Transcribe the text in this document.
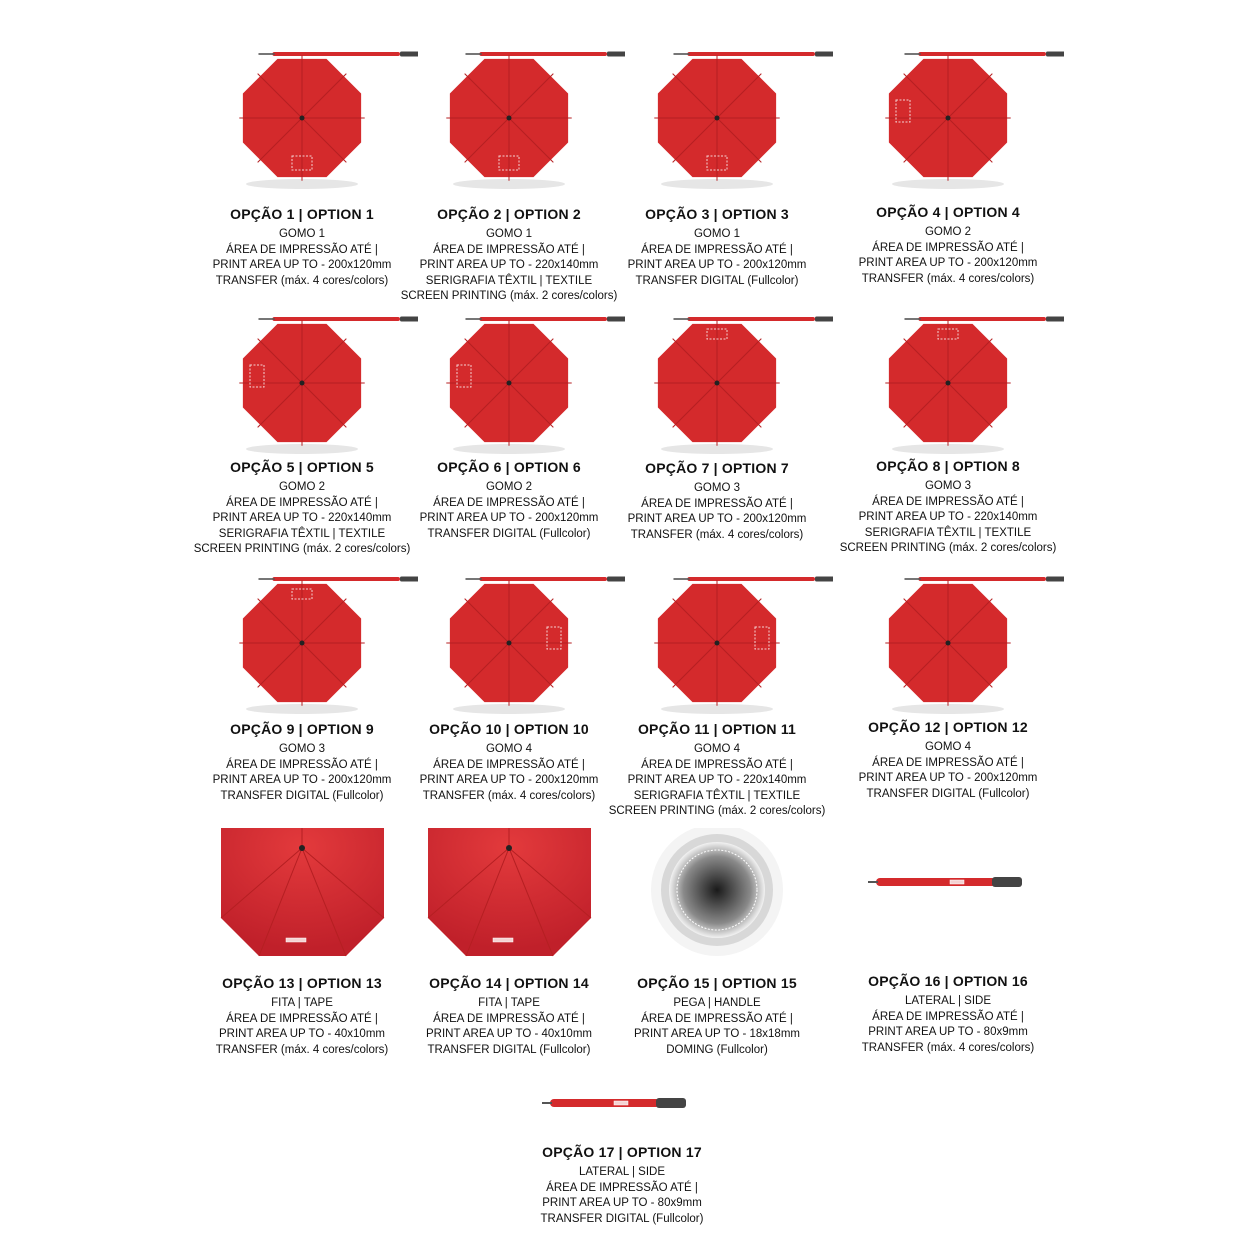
OPÇÃO 1 | OPTION 1
GOMO 1
ÁREA DE IMPRESSÃO ATÉ |
PRINT AREA UP TO - 200x120mm
TRANSFER (máx. 4 cores/colors)
OPÇÃO 2 | OPTION 2
GOMO 1
ÁREA DE IMPRESSÃO ATÉ |
PRINT AREA UP TO - 220x140mm
SERIGRAFIA TÊXTIL | TEXTILE
SCREEN PRINTING (máx. 2 cores/colors)
OPÇÃO 3 | OPTION 3
GOMO 1
ÁREA DE IMPRESSÃO ATÉ |
PRINT AREA UP TO - 200x120mm
TRANSFER DIGITAL (Fullcolor)
OPÇÃO 4 | OPTION 4
GOMO 2
ÁREA DE IMPRESSÃO ATÉ |
PRINT AREA UP TO - 200x120mm
TRANSFER (máx. 4 cores/colors)
OPÇÃO 5 | OPTION 5
GOMO 2
ÁREA DE IMPRESSÃO ATÉ |
PRINT AREA UP TO - 220x140mm
SERIGRAFIA TÊXTIL | TEXTILE
SCREEN PRINTING (máx. 2 cores/colors)
OPÇÃO 6 | OPTION 6
GOMO 2
ÁREA DE IMPRESSÃO ATÉ |
PRINT AREA UP TO - 200x120mm
TRANSFER DIGITAL (Fullcolor)
OPÇÃO 7 | OPTION 7
GOMO 3
ÁREA DE IMPRESSÃO ATÉ |
PRINT AREA UP TO - 200x120mm
TRANSFER (máx. 4 cores/colors)
OPÇÃO 8 | OPTION 8
GOMO 3
ÁREA DE IMPRESSÃO ATÉ |
PRINT AREA UP TO - 220x140mm
SERIGRAFIA TÊXTIL | TEXTILE
SCREEN PRINTING (máx. 2 cores/colors)
OPÇÃO 9 | OPTION 9
GOMO 3
ÁREA DE IMPRESSÃO ATÉ |
PRINT AREA UP TO - 200x120mm
TRANSFER DIGITAL (Fullcolor)
OPÇÃO 10 | OPTION 10
GOMO 4
ÁREA DE IMPRESSÃO ATÉ |
PRINT AREA UP TO - 200x120mm
TRANSFER (máx. 4 cores/colors)
OPÇÃO 11 | OPTION 11
GOMO 4
ÁREA DE IMPRESSÃO ATÉ |
PRINT AREA UP TO - 220x140mm
SERIGRAFIA TÊXTIL | TEXTILE
SCREEN PRINTING (máx. 2 cores/colors)
OPÇÃO 12 | OPTION 12
GOMO 4
ÁREA DE IMPRESSÃO ATÉ |
PRINT AREA UP TO - 200x120mm
TRANSFER DIGITAL (Fullcolor)
OPÇÃO 13 | OPTION 13
FITA | TAPE
ÁREA DE IMPRESSÃO ATÉ |
PRINT AREA UP TO - 40x10mm
TRANSFER (máx. 4 cores/colors)
OPÇÃO 14 | OPTION 14
FITA | TAPE
ÁREA DE IMPRESSÃO ATÉ |
PRINT AREA UP TO - 40x10mm
TRANSFER DIGITAL (Fullcolor)
OPÇÃO 15 | OPTION 15
PEGA | HANDLE
ÁREA DE IMPRESSÃO ATÉ |
PRINT AREA UP TO - 18x18mm
DOMING (Fullcolor)
OPÇÃO 16 | OPTION 16
LATERAL | SIDE
ÁREA DE IMPRESSÃO ATÉ |
PRINT AREA UP TO - 80x9mm
TRANSFER (máx. 4 cores/colors)
OPÇÃO 17 | OPTION 17
LATERAL | SIDE
ÁREA DE IMPRESSÃO ATÉ |
PRINT AREA UP TO - 80x9mm
TRANSFER DIGITAL (Fullcolor)
